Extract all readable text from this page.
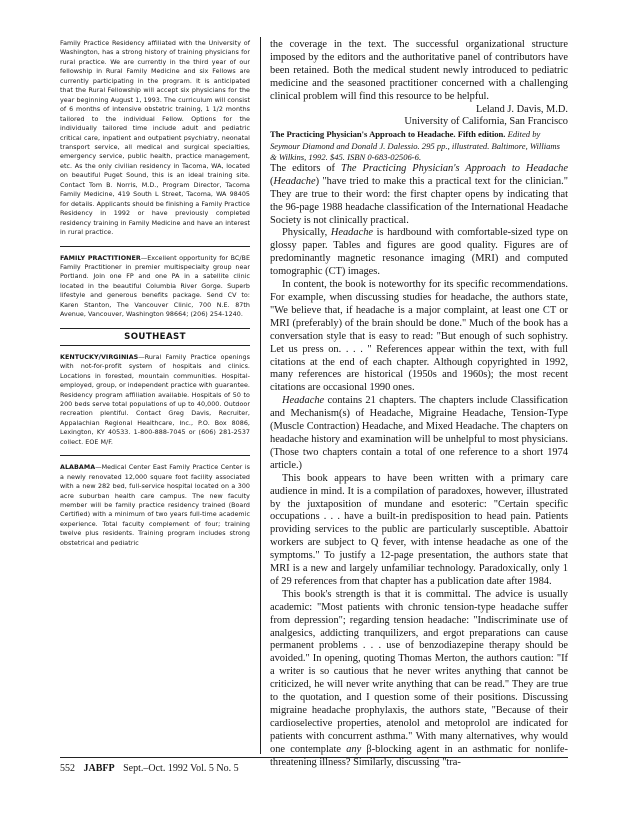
Family Practice Residency affiliated with the University of Washington, has a strong history of training physicians for rural practice. We are currently in the third year of our fellowship in Rural Family Medicine and six Fellows are currently participating in the program. It is anticipated that the Rural Fellowship will accept six physicians for the year beginning August 1, 1993. The curriculum will consist of 6 months of intensive obstetric training, 1 1/2 months tailored to the individual Fellow. Options for the individually tailored time include adult and pediatric critical care, inpatient and outpatient psychiatry, neonatal transport service, all medical and surgical specialties, emergency service, public health, practice management, etc. As the only civilian residency in Tacoma, WA, located on beautiful Puget Sound, this is an ideal training site. Contact Tom B. Norris, M.D., Program Director, Tacoma Family Medicine, 419 South L Street, Tacoma, WA 98405 for details. Applicants should be finishing a Family Practice Residency in 1992 or have previously completed residency training in Family Medicine and have an interest in rural practice.

FAMILY PRACTITIONER—Excellent opportunity for BC/BE Family Practitioner in premier multispecialty group near Portland. Join one FP and one PA in a satellite clinic located in the beautiful Columbia River Gorge. Superb lifestyle and generous benefits package. Send CV to: Karen Stanton, The Vancouver Clinic, 700 N.E. 87th Avenue, Vancouver, Washington 98664; (206) 254-1240.

SOUTHEAST

KENTUCKY/VIRGINIAS—Rural Family Practice openings with not-for-profit system of hospitals and clinics. Locations in forested, mountain communities. Hospital-employed, group, or independent practice with guarantee. Residency program affiliation available. Hospitals of 50 to 200 beds serve total populations of up to 40,000. Outdoor recreation plentiful. Contact Greg Davis, Recruiter, Appalachian Regional Healthcare, Inc., P.O. Box 8086, Lexington, KY 40533. 1-800-888-7045 or (606) 281-2537 collect. EOE M/F.

ALABAMA—Medical Center East Family Practice Center is a newly renovated 12,000 square foot facility associated with a new 282 bed, full-service hospital located on a 300 acre suburban health care campus. The new faculty member will be family practice residency trained (Board Certified) with a minimum of two years full-time academic experience. Total faculty complement of four; training twelve plus residents. Training program includes strong obstetrical and pediatric

the coverage in the text. The successful organizational structure imposed by the editors and the authoritative panel of contributors have been retained. Both the medical student newly introduced to pediatric medicine and the seasoned practitioner concerned with a challenging clinical problem will find this resource to be helpful.

Leland J. Davis, M.D.

University of California, San Francisco

The Practicing Physician's Approach to Headache. Fifth edition. Edited by Seymour Diamond and Donald J. Dalessio. 295 pp., illustrated. Baltimore, Williams & Wilkins, 1992. $45. ISBN 0-683-02506-6.

The editors of The Practicing Physician's Approach to Headache (Headache) "have tried to make this a practical text for the clinician." They are true to their word: the first chapter opens by indicating that the 96-page 1988 headache classification of the International Headache Society is not clinically practical.

Physically, Headache is hardbound with comfortable-sized type on glossy paper. Tables and figures are good quality. Figures are of predominantly magnetic resonance imaging (MRI) and computed tomographic (CT) images.

In content, the book is noteworthy for its specific recommendations. For example, when discussing studies for headache, the authors state, "We believe that, if headache is a major complaint, at least one CT or MRI (preferably) of the brain should be done." Much of the book has a conversation style that is easy to read: "But enough of such sophistry. Let us press on. . . . " References appear within the text, with full citations at the end of each chapter. Although copyrighted in 1992, many references are historical (1950s and 1960s); the most recent citations are occasional 1990 ones.

Headache contains 21 chapters. The chapters include Classification and Mechanism(s) of Headache, Migraine Headache, Tension-Type (Muscle Contraction) Headache, and Mixed Headache. The chapters on headache history and examination will be unhelpful to most physicians. (Those two chapters contain a total of one reference to a short 1974 article.)

This book appears to have been written with a primary care audience in mind. It is a compilation of paradoxes, however, illustrated by the juxtaposition of mundane and esoteric: "Certain specific occupations . . . have a built-in predisposition to head pain. Patients providing services to the public are particularly susceptible. Abattoir workers are subject to Q fever, with intense headache as one of the symptoms." To justify a 12-page presentation, the authors state that MRI is a new and largely unfamiliar technology. Paradoxically, only 1 of 29 references from that chapter has a publication date after 1984.

This book's strength is that it is committal. The advice is usually academic: "Most patients with chronic tension-type headache suffer from depression"; regarding tension headache: "Indiscriminate use of analgesics, addicting tranquilizers, and ergot preparations can cause permanent problems . . . use of benzodiazepine therapy should be avoided." In opening, quoting Thomas Merton, the authors caution: "If a writer is so cautious that he never writes anything that cannot be criticized, he will never write anything that can be read." They are true to the quotation, and I question some of their positions. Discussing migraine headache prophylaxis, the authors state, "Because of their cardioselective properties, atenolol and metoprolol are indicated for patients with concurrent asthma." With many alternatives, why would one contemplate any β-blocking agent in an asthmatic for nonlife-threatening illness? Similarly, discussing "tra-

552 JABFP Sept.–Oct. 1992 Vol. 5 No. 5
